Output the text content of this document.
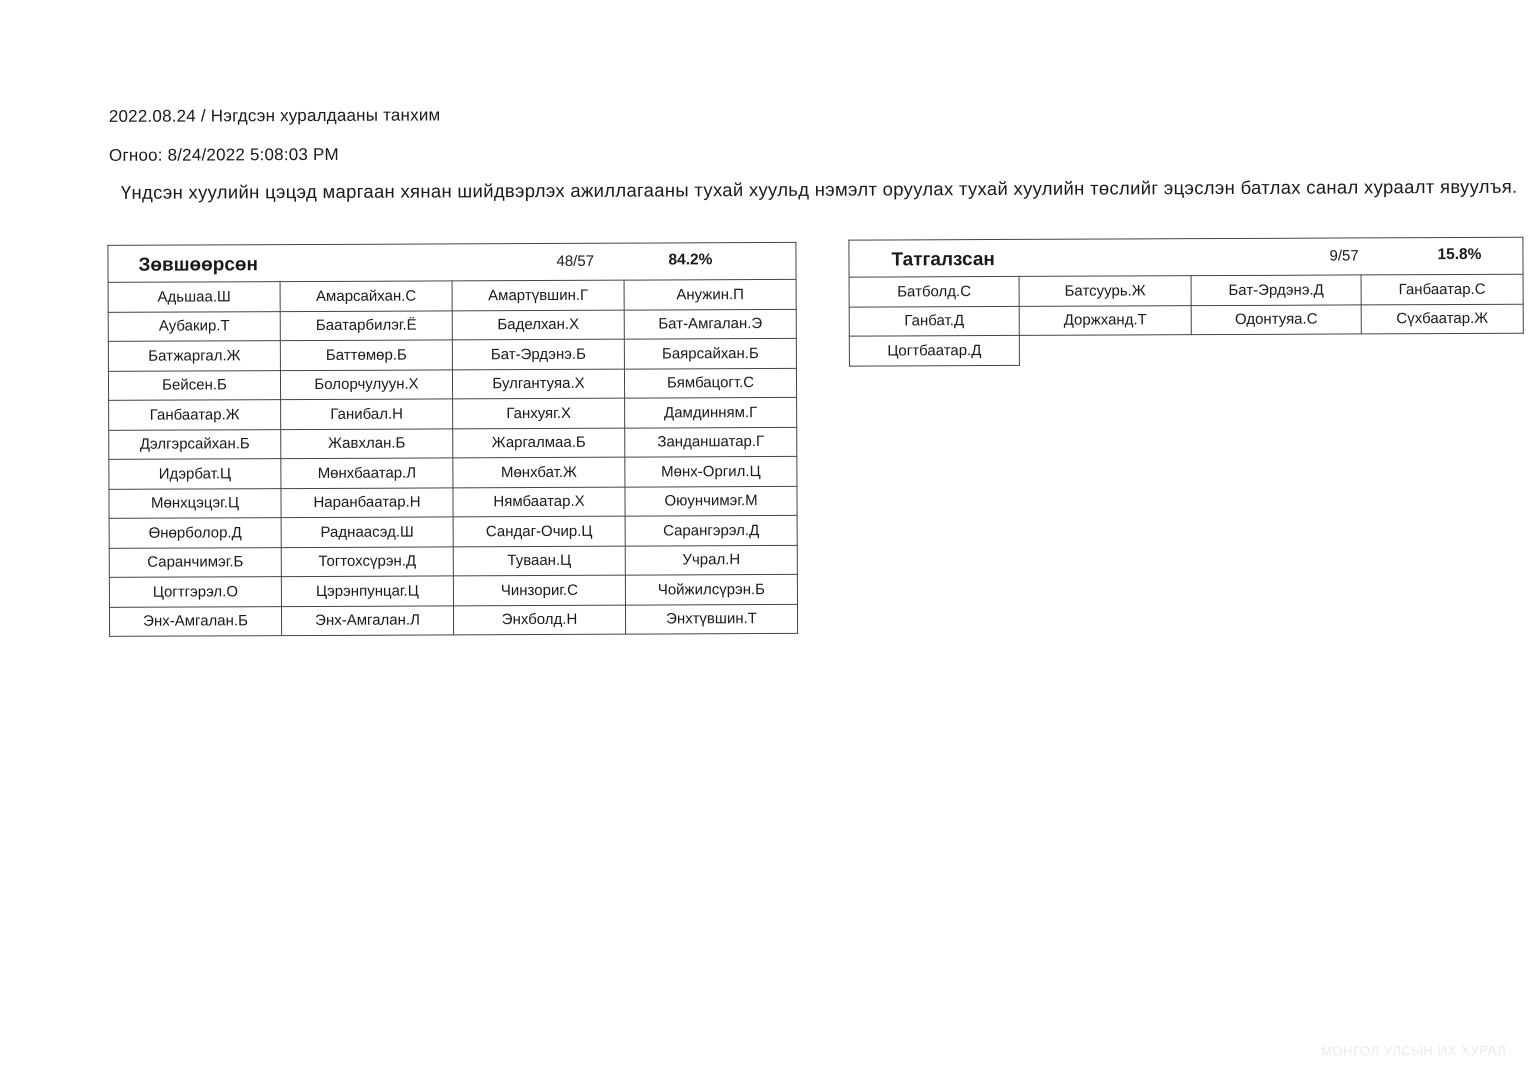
2022.08.24 / Нэгдсэн хуралдааны танхим
Огноо: 8/24/2022 5:08:03 PM
Үндсэн хуулийн цэцэд маргаан хянан шийдвэрлэх ажиллагааны тухай хуульд нэмэлт оруулах тухай хуулийн төслийг эцэслэн батлах санал хураалт явуулъя.
Зөвшөөрсөн 48/57 84.2%			

Адьшаа.Ш	Амарсайхан.С	Амартүвшин.Г	Анужин.П
Аубакир.Т	Баатарбилэг.Ё	Баделхан.Х	Бат-Амгалан.Э
Батжаргал.Ж	Баттөмөр.Б	Бат-Эрдэнэ.Б	Баярсайхан.Б
Бейсен.Б	Болорчулуун.Х	Булгантуяа.Х	Бямбацогт.С
Ганбаатар.Ж	Ганибал.Н	Ганхуяг.Х	Дамдинням.Г
Дэлгэрсайхан.Б	Жавхлан.Б	Жаргалмаа.Б	Занданшатар.Г
Идэрбат.Ц	Мөнхбаатар.Л	Мөнхбат.Ж	Мөнх-Оргил.Ц
Мөнхцэцэг.Ц	Наранбаатар.Н	Нямбаатар.Х	Оюунчимэг.М
Өнөрболор.Д	Раднаасэд.Ш	Сандаг-Очир.Ц	Сарангэрэл.Д
Саранчимэг.Б	Тогтохсүрэн.Д	Туваан.Ц	Учрал.Н
Цогтгэрэл.О	Цэрэнпунцаг.Ц	Чинзориг.С	Чойжилсүрэн.Б
Энх-Амгалан.Б	Энх-Амгалан.Л	Энхболд.Н	Энхтүвшин.Т
Татгалзсан 9/57 15.8%			

Батболд.С	Батсуурь.Ж	Бат-Эрдэнэ.Д	Ганбаатар.С
Ганбат.Д	Доржханд.Т	Одонтуяа.С	Сүхбаатар.Ж
Цогтбаатар.Д			
МОНГОЛ УЛСЫН ИХ ХУРАЛ
